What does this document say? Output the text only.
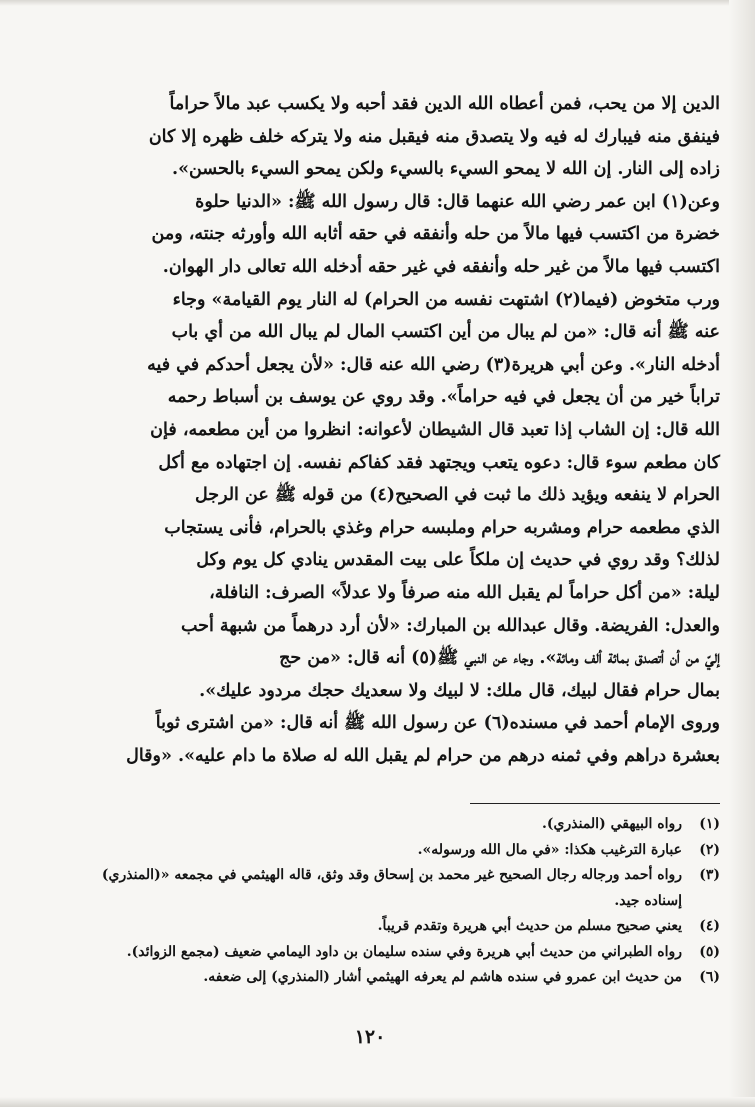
الدين إلا من يحب، فمن أعطاه الله الدين فقد أحبه ولا يكسب عبد مالاً حراماً

فينفق منه فيبارك له فيه ولا يتصدق منه فيقبل منه ولا يتركه خلف ظهره إلا كان

زاده إلى النار. إن الله لا يمحو السيء بالسيء ولكن يمحو السيء بالحسن».

وعن(١) ابن عمر رضي الله عنهما قال: قال رسول الله ﷺ: «الدنيا حلوة

خضرة من اكتسب فيها مالاً من حله وأنفقه في حقه أثابه الله وأورثه جنته، ومن

اكتسب فيها مالاً من غير حله وأنفقه في غير حقه أدخله الله تعالى دار الهوان.

ورب متخوض (فيما(٢) اشتهت نفسه من الحرام) له النار يوم القيامة» وجاء

عنه ﷺ أنه قال: «من لم يبال من أين اكتسب المال لم يبال الله من أي باب

أدخله النار». وعن أبي هريرة(٣) رضي الله عنه قال: «لأن يجعل أحدكم في فيه

تراباً خير من أن يجعل في فيه حراماً». وقد روي عن يوسف بن أسباط رحمه

الله قال: إن الشاب إذا تعبد قال الشيطان لأعوانه: انظروا من أين مطعمه، فإن

كان مطعم سوء قال: دعوه يتعب ويجتهد فقد كفاكم نفسه. إن اجتهاده مع أكل

الحرام لا ينفعه ويؤيد ذلك ما ثبت في الصحيح(٤) من قوله ﷺ عن الرجل

الذي مطعمه حرام ومشربه حرام وملبسه حرام وغذي بالحرام، فأنى يستجاب

لذلك؟ وقد روي في حديث إن ملكاً على بيت المقدس ينادي كل يوم وكل

ليلة: «من أكل حراماً لم يقبل الله منه صرفاً ولا عدلاً» الصرف: النافلة،

والعدل: الفريضة. وقال عبدالله بن المبارك: «لأن أرد درهماً من شبهة أحب

إليّ من أن أتصدق بمائة ألف ومائة». وجاء عن النبي ﷺ(٥) أنه قال: «من حج

بمال حرام فقال لبيك، قال ملك: لا لبيك ولا سعديك حجك مردود عليك».

وروى الإمام أحمد في مسنده(٦) عن رسول الله ﷺ أنه قال: «من اشترى ثوباً

بعشرة دراهم وفي ثمنه درهم من حرام لم يقبل الله له صلاة ما دام عليه». «وقال

(١)
رواه البيهقي (المنذري).
(٢)
عبارة الترغيب هكذا: «في مال الله ورسوله».
(٣)
رواه أحمد ورجاله رجال الصحيح غير محمد بن إسحاق وقد وثق، قاله الهيثمي في مجمعه «(المنذري) إسناده جيد.
(٤)
يعني صحيح مسلم من حديث أبي هريرة وتقدم قريباً.
(٥)
رواه الطبراني من حديث أبي هريرة وفي سنده سليمان بن داود اليمامي ضعيف (مجمع الزوائد).
(٦)
من حديث ابن عمرو في سنده هاشم لم يعرفه الهيثمي أشار (المنذري) إلى ضعفه.
١٢٠
